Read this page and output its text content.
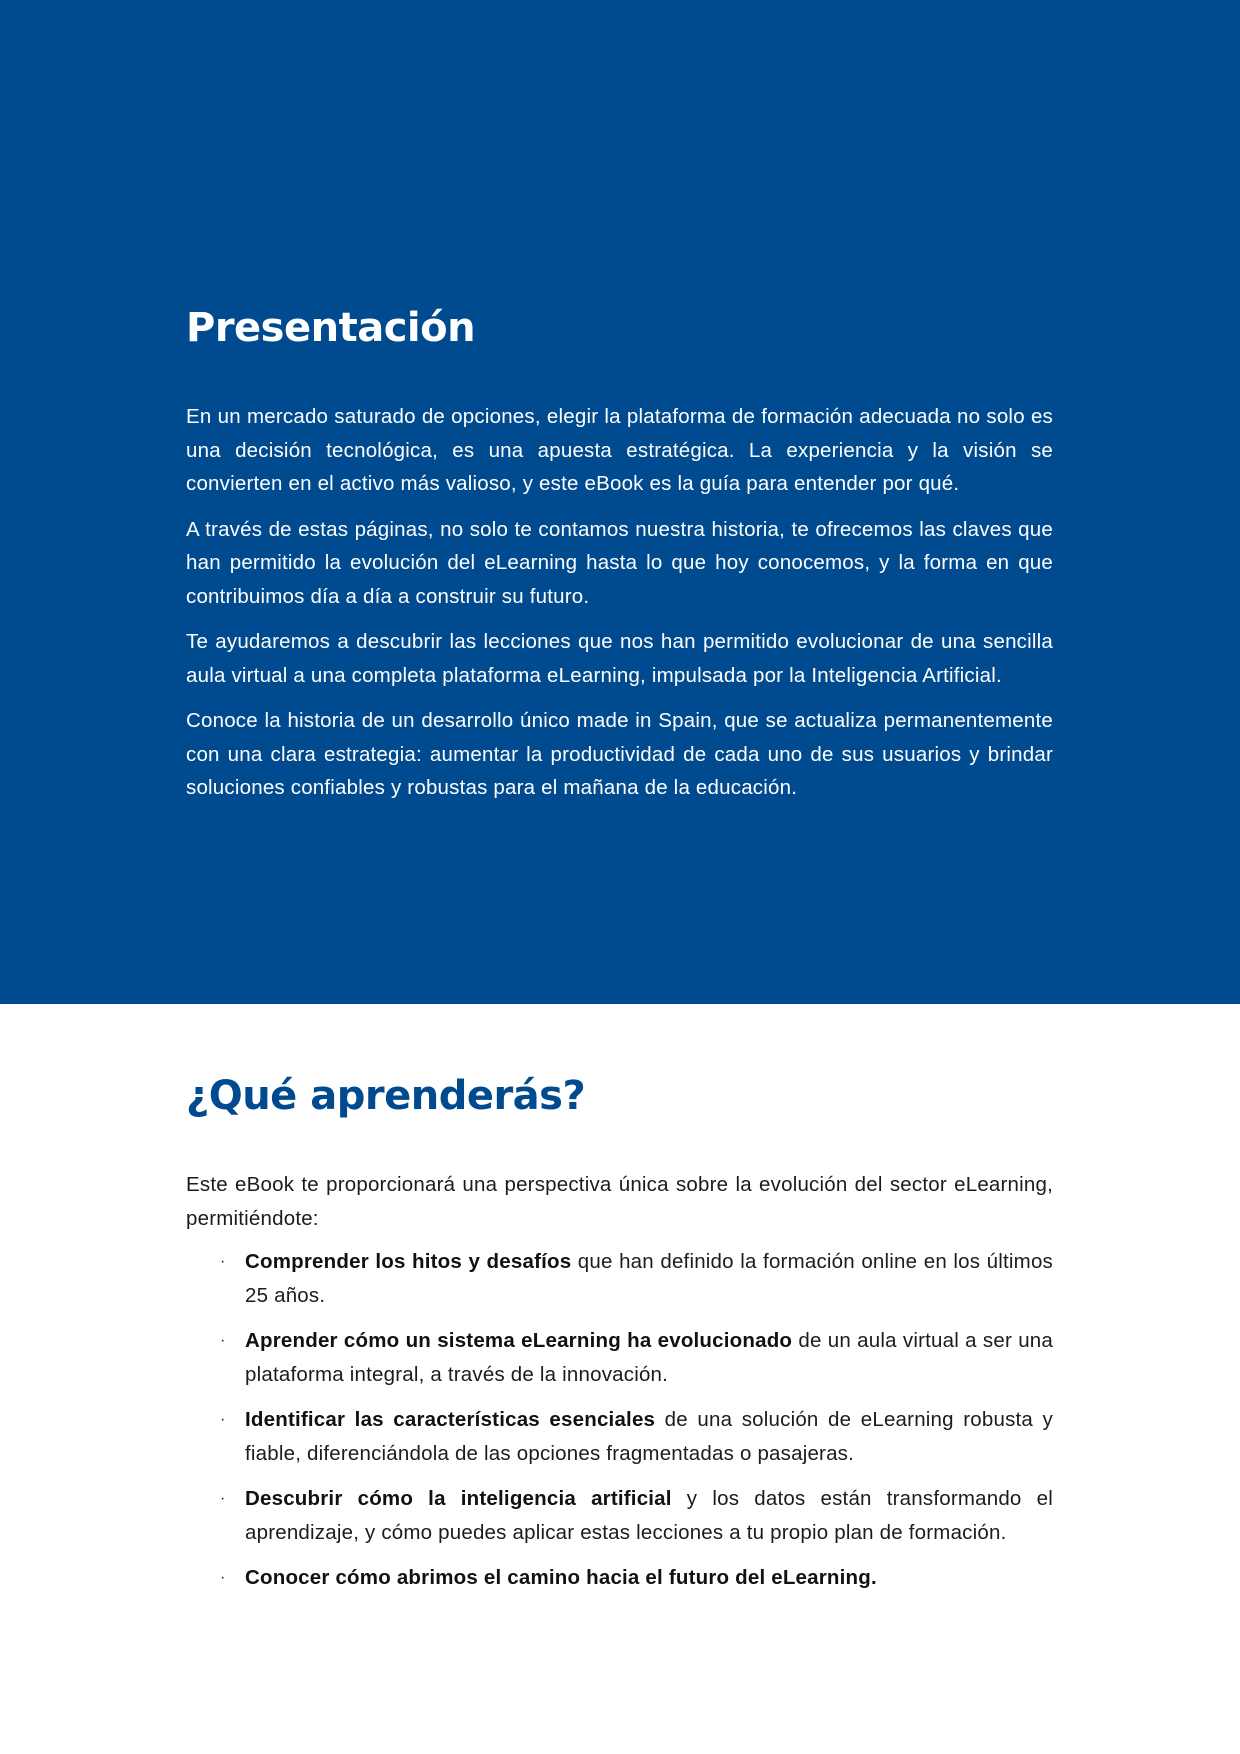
Presentación

En un mercado saturado de opciones, elegir la plataforma de formación adecuada no solo es una decisión tecnológica, es una apuesta estratégica. La experiencia y la visión se convierten en el activo más valioso, y este eBook es la guía para entender por qué.

A través de estas páginas, no solo te contamos nuestra historia, te ofrecemos las claves que han permitido la evolución del eLearning hasta lo que hoy conocemos, y la forma en que contribuimos día a día a construir su futuro.

Te ayudaremos a descubrir las lecciones que nos han permitido evolucionar de una sencilla aula virtual a una completa plataforma eLearning, impulsada por la Inteligencia Artificial.

Conoce la historia de un desarrollo único made in Spain, que se actualiza permanentemente con una clara estrategia: aumentar la productividad de cada uno de sus usuarios y brindar soluciones confiables y robustas para el mañana de la educación.

¿Qué aprenderás?

Este eBook te proporcionará una perspectiva única sobre la evolución del sector eLearning, permitiéndote:

· Comprender los hitos y desafíos que han definido la formación online en los últimos 25 años.
· Aprender cómo un sistema eLearning ha evolucionado de un aula virtual a ser una plataforma integral, a través de la innovación.
· Identificar las características esenciales de una solución de eLearning robusta y fiable, diferenciándola de las opciones fragmentadas o pasajeras.
· Descubrir cómo la inteligencia artificial y los datos están transformando el aprendizaje, y cómo puedes aplicar estas lecciones a tu propio plan de formación.
· Conocer cómo abrimos el camino hacia el futuro del eLearning.
